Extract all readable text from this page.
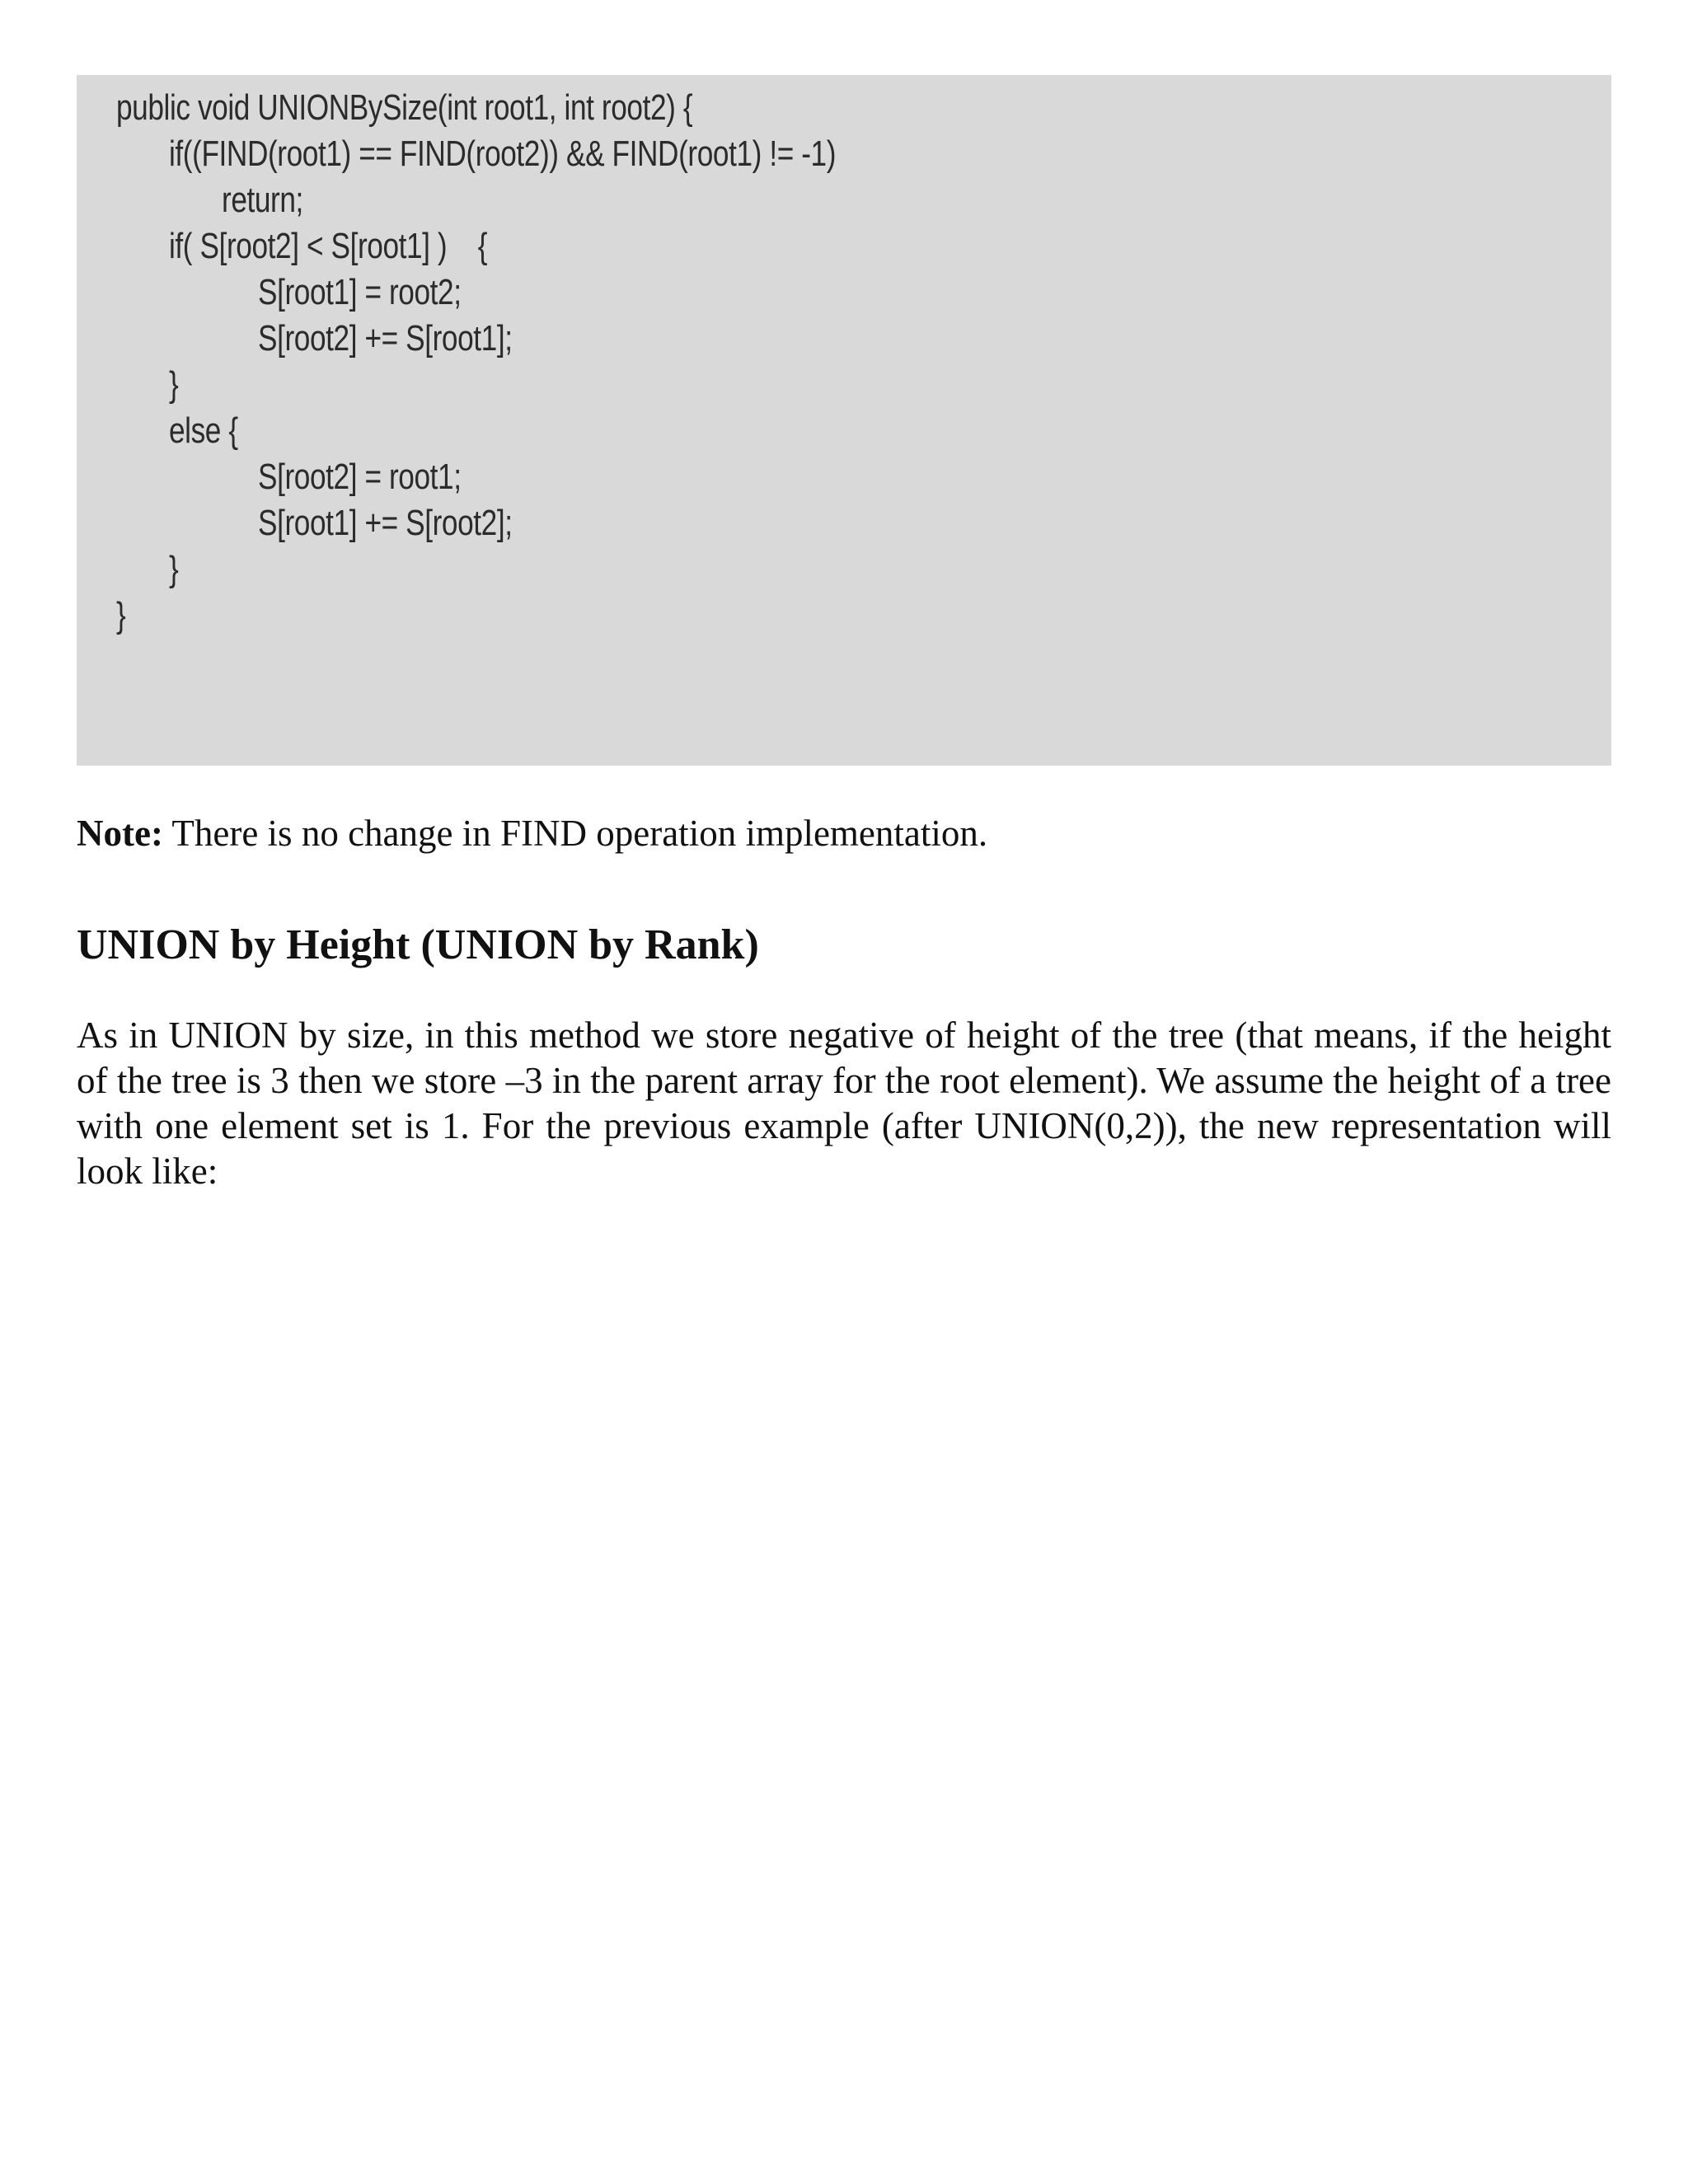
public void UNIONBySize(int root1, int root2) {
if((FIND(root1) == FIND(root2)) && FIND(root1) != -1)
return;
if( S[root2] < S[root1] )    {
S[root1] = root2;
S[root2] += S[root1];
}
else {
S[root2] = root1;
S[root1] += S[root2];
}
}
Note: There is no change in FIND operation implementation.
UNION by Height (UNION by Rank)
As in UNION by size, in this method we store negative of height of the tree (that means, if the height of the tree is 3 then we store –3 in the parent array for the root element). We assume the height of a tree with one element set is 1. For the previous example (after UNION(0,2)), the new representation will look like:
